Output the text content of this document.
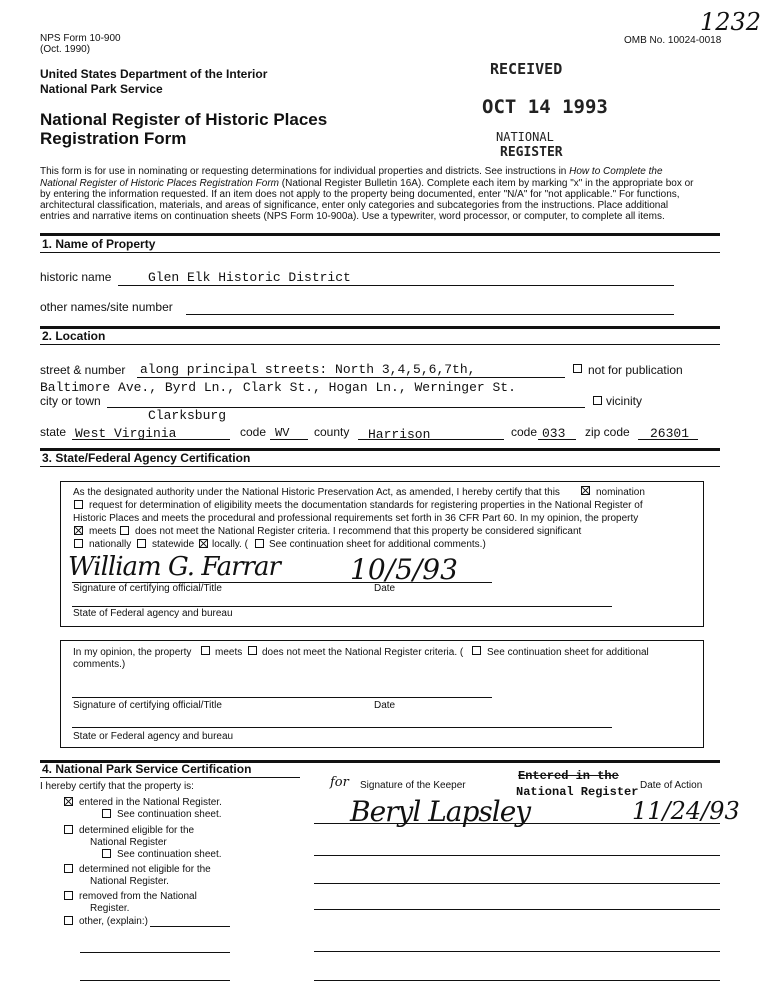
NPS Form 10-900
(Oct. 1990)
OMB No. 10024-0018
1232
United States Department of the Interior
National Park Service
National Register of Historic Places
Registration Form
RECEIVED
OCT 14 1993
NATIONAL
REGISTER
This form is for use in nominating or requesting determinations for individual properties and districts. See instructions in How to Complete the
National Register of Historic Places Registration Form (National Register Bulletin 16A). Complete each item by marking "x" in the appropriate box or
by entering the information requested. If an item does not apply to the property being documented, enter "N/A" for "not applicable." For functions,
architectural classification, materials, and areas of significance, enter only categories and subcategories from the instructions. Place additional
entries and narrative items on continuation sheets (NPS Form 10-900a). Use a typewriter, word processor, or computer, to complete all items.
1. Name of Property
historic name	Glen Elk Historic District
other names/site number
2. Location
street & number along principal streets: North 3,4,5,6,7th,	not for publication
Baltimore Ave., Byrd Ln., Clark St., Hogan Ln., Werninger St.
city or town	vicinity
Clarksburg
state West Virginia	code WV county Harrison	code 033 zip code 26301
3. State/Federal Agency Certification
As the designated authority under the National Historic Preservation Act, as amended, I hereby certify that this	nomination
request for determination of eligibility meets the documentation standards for registering properties in the National Register of
Historic Places and meets the procedural and professional requirements set forth in 36 CFR Part 60. In my opinion, the property
meets does not meet the National Register criteria. I recommend that this property be considered significant
nationally statewide locally. ( See continuation sheet for additional comments.)
William G. Farrar	10/5/93
Signature of certifying official/Title	Date
State of Federal agency and bureau
In my opinion, the property meets does not meet the National Register criteria. ( See continuation sheet for additional
comments.)
Signature of certifying official/Title	Date
State or Federal agency and bureau
4. National Park Service Certification
I hereby certify that the property is:
entered in the National Register.
See continuation sheet.
determined eligible for the
National Register
See continuation sheet.
determined not eligible for the
National Register.
removed from the National
Register.
other, (explain:)
for Signature of the Keeper	Date of Action
Entered in the
National Register
Beryl Lapsley	11/24/93
